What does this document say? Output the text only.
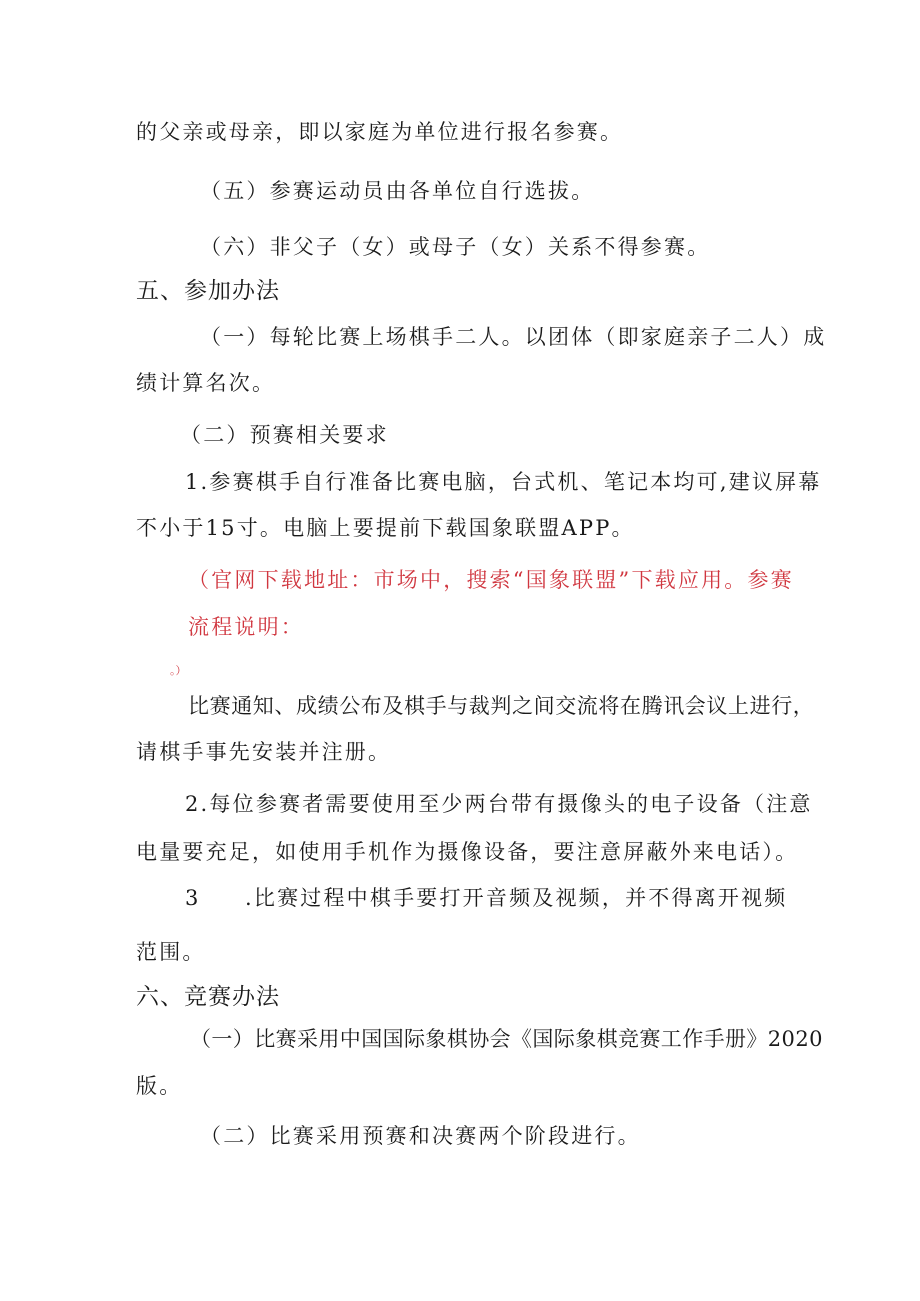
的父亲或母亲，即以家庭为单位进行报名参赛。
（五）参赛运动员由各单位自行选拔。
（六）非父子（女）或母子（女）关系不得参赛。
五、参加办法
（一）每轮比赛上场棋手二人。以团体（即家庭亲子二人）成
绩计算名次。
（二）预赛相关要求
1.参赛棋手自行准备比赛电脑，台式机、笔记本均可,建议屏幕
不小于15寸。电脑上要提前下载国象联盟APP。
（官网下载地址：市场中，搜索“国象联盟”下载应用。参赛
流程说明：
。）
比赛通知、成绩公布及棋手与裁判之间交流将在腾讯会议上进行，
请棋手事先安装并注册。
2.每位参赛者需要使用至少两台带有摄像头的电子设备（注意
电量要充足，如使用手机作为摄像设备，要注意屏蔽外来电话）。
3 .比赛过程中棋手要打开音频及视频，并不得离开视频
范围。
六、竞赛办法
（一）比赛采用中国国际象棋协会《国际象棋竞赛工作手册》2020
版。
（二）比赛采用预赛和决赛两个阶段进行。
